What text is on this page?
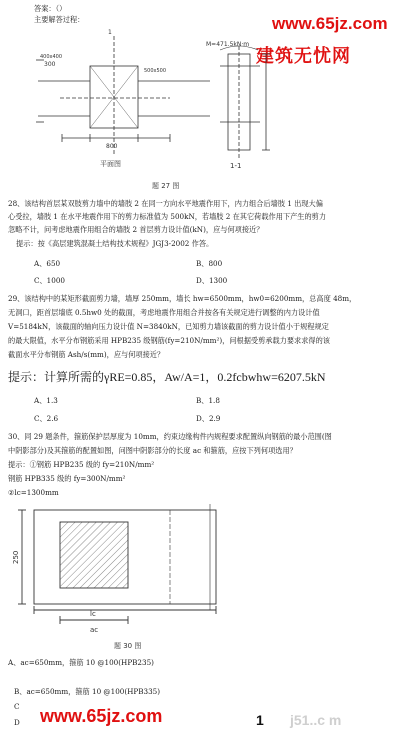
答案：（）
主要解答过程：	www.65jz.com
建筑无忧网
300
400x400
500x500
800
1
平面图
M=471.5kN·m
1-1
题 27 图
28、该结构首层某双肢剪力墙中的墙肢 2 在同一方向水平地震作用下，内力组合后墙肢 1 出现大偏
心受拉，墙肢 1 在水平地震作用下的剪力标准值为 500kN，若墙肢 2 在其它荷载作用下产生的剪力
忽略不计，问考虑地震作用组合的墙肢 2 首层剪力设计值(kN)，应与何项接近？
提示：按《高层建筑混凝土结构技术规程》JGJ3-2002 作答。
A、650	B、800
C、1000	D、1300
29、该结构中的某矩形截面剪力墙，墙厚 250mm，墙长 hw=6500mm，hw0=6200mm，总高度 48m，
无洞口，距首层墙底 0.5hw0 处的截面，考虑地震作用组合并按各有关规定进行调整的内力设计值
V=5184kN，该截面的轴向压力设计值 N=3840kN，已知剪力墙该截面的剪力设计值小于规程规定
的最大限值，水平分布钢筋采用 HPB235 级钢筋(fy=210N/mm²)，问根据受剪承载力要求求得的该
截面水平分布钢筋 Ash/s(mm)，应与何项接近？
提示：计算所需的γRE=0.85，Aw/A=1，0.2fcbwhw=6207.5kN
A、1.3	B、1.8
C、2.6	D、2.9
30、同 29 题条件，箍筋保护层厚度为 10mm，约束边缘构件内规程要求配置纵向钢筋的最小范围(图
中阴影部分)及其箍筋的配置如图，问图中阴影部分的长度 ac 和箍筋，应按下列何项选用？
提示：①钢筋 HPB235 级的 fy=210N/mm²
钢筋 HPB335 级的 fy=300N/mm²
②lc=1300mm
250
lc
ac
题 30 图
A、ac=650mm，箍筋 10 @100(HPB235)
B、ac=650mm，箍筋 10 @100(HPB335)
C
D www.65jz.com	1 j51..c m
